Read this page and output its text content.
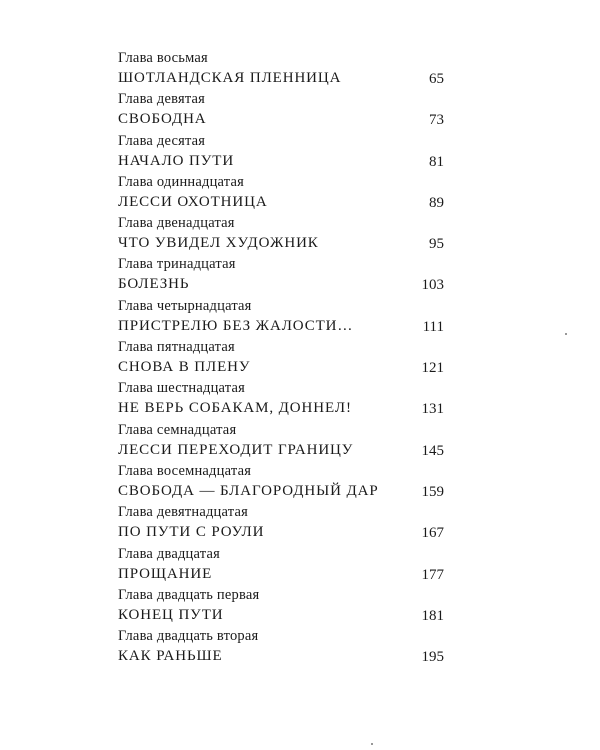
Глава восьмая
ШОТЛАНДСКАЯ ПЛЕННИЦА	65
Глава девятая
СВОБОДНА	73
Глава десятая
НАЧАЛО ПУТИ	81
Глава одиннадцатая
ЛЕССИ ОХОТНИЦА	89
Глава двенадцатая
ЧТО УВИДЕЛ ХУДОЖНИК	95
Глава тринадцатая
БОЛЕЗНЬ	103
Глава четырнадцатая
ПРИСТРЕЛЮ БЕЗ ЖАЛОСТИ…	111
Глава пятнадцатая
СНОВА В ПЛЕНУ	121
Глава шестнадцатая
НЕ ВЕРЬ СОБАКАМ, ДОННЕЛ!	131
Глава семнадцатая
ЛЕССИ ПЕРЕХОДИТ ГРАНИЦУ	145
Глава восемнадцатая
СВОБОДА — БЛАГОРОДНЫЙ ДАР	159
Глава девятнадцатая
ПО ПУТИ С РОУЛИ	167
Глава двадцатая
ПРОЩАНИЕ	177
Глава двадцать первая
КОНЕЦ ПУТИ	181
Глава двадцать вторая
КАК РАНЬШЕ	195
